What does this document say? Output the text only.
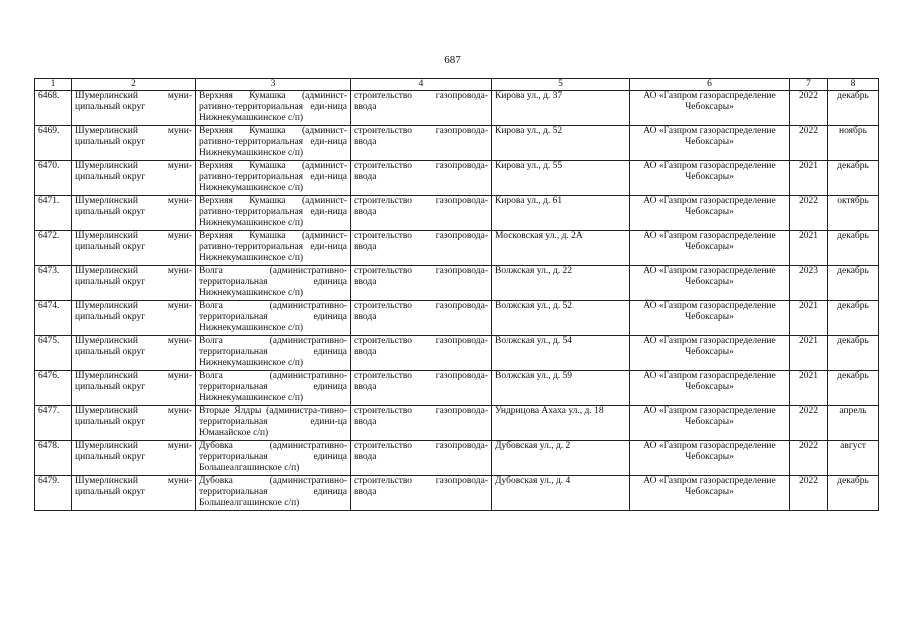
687
1	2	3	4	5	6	7	8
6468.	Шумерлинский муни-ципальный округ	Верхняя Кумашка (админист-ративно-территориальная еди-ница Нижнекумашкинское с/п)	строительство газопровода-ввода	Кирова ул., д. 37	АО «Газпром газораспределение Чебоксары»	2022	декабрь
6469.	Шумерлинский муни-ципальный округ	Верхняя Кумашка (админист-ративно-территориальная еди-ница Нижнекумашкинское с/п)	строительство газопровода-ввода	Кирова ул., д. 52	АО «Газпром газораспределение Чебоксары»	2022	ноябрь
6470.	Шумерлинский муни-ципальный округ	Верхняя Кумашка (админист-ративно-территориальная еди-ница Нижнекумашкинское с/п)	строительство газопровода-ввода	Кирова ул., д. 55	АО «Газпром газораспределение Чебоксары»	2021	декабрь
6471.	Шумерлинский муни-ципальный округ	Верхняя Кумашка (админист-ративно-территориальная еди-ница Нижнекумашкинское с/п)	строительство газопровода-ввода	Кирова ул., д. 61	АО «Газпром газораспределение Чебоксары»	2022	октябрь
6472.	Шумерлинский муни-ципальный округ	Верхняя Кумашка (админист-ративно-территориальная еди-ница Нижнекумашкинское с/п)	строительство газопровода-ввода	Московская ул., д. 2А	АО «Газпром газораспределение Чебоксары»	2021	декабрь
6473.	Шумерлинский муни-ципальный округ	Волга (административно-территориальная единица Нижнекумашкинское с/п)	строительство газопровода-ввода	Волжская ул., д. 22	АО «Газпром газораспределение Чебоксары»	2023	декабрь
6474.	Шумерлинский муни-ципальный округ	Волга (административно-территориальная единица Нижнекумашкинское с/п)	строительство газопровода-ввода	Волжская ул., д. 52	АО «Газпром газораспределение Чебоксары»	2021	декабрь
6475.	Шумерлинский муни-ципальный округ	Волга (административно-территориальная единица Нижнекумашкинское с/п)	строительство газопровода-ввода	Волжская ул., д. 54	АО «Газпром газораспределение Чебоксары»	2021	декабрь
6476.	Шумерлинский муни-ципальный округ	Волга (административно-территориальная единица Нижнекумашкинское с/п)	строительство газопровода-ввода	Волжская ул., д. 59	АО «Газпром газораспределение Чебоксары»	2021	декабрь
6477.	Шумерлинский муни-ципальный округ	Вторые Ялдры (администра-тивно-территориальная едини-ца Юманайское с/п)	строительство газопровода-ввода	Ундрицова Ахаха ул., д. 18	АО «Газпром газораспределение Чебоксары»	2022	апрель
6478.	Шумерлинский муни-ципальный округ	Дубовка (административно-территориальная единица Большеалгашинское с/п)	строительство газопровода-ввода	Дубовская ул., д. 2	АО «Газпром газораспределение Чебоксары»	2022	август
6479.	Шумерлинский муни-ципальный округ	Дубовка (административно-территориальная единица Большеалгашинское с/п)	строительство газопровода-ввода	Дубовская ул., д. 4	АО «Газпром газораспределение Чебоксары»	2022	декабрь
